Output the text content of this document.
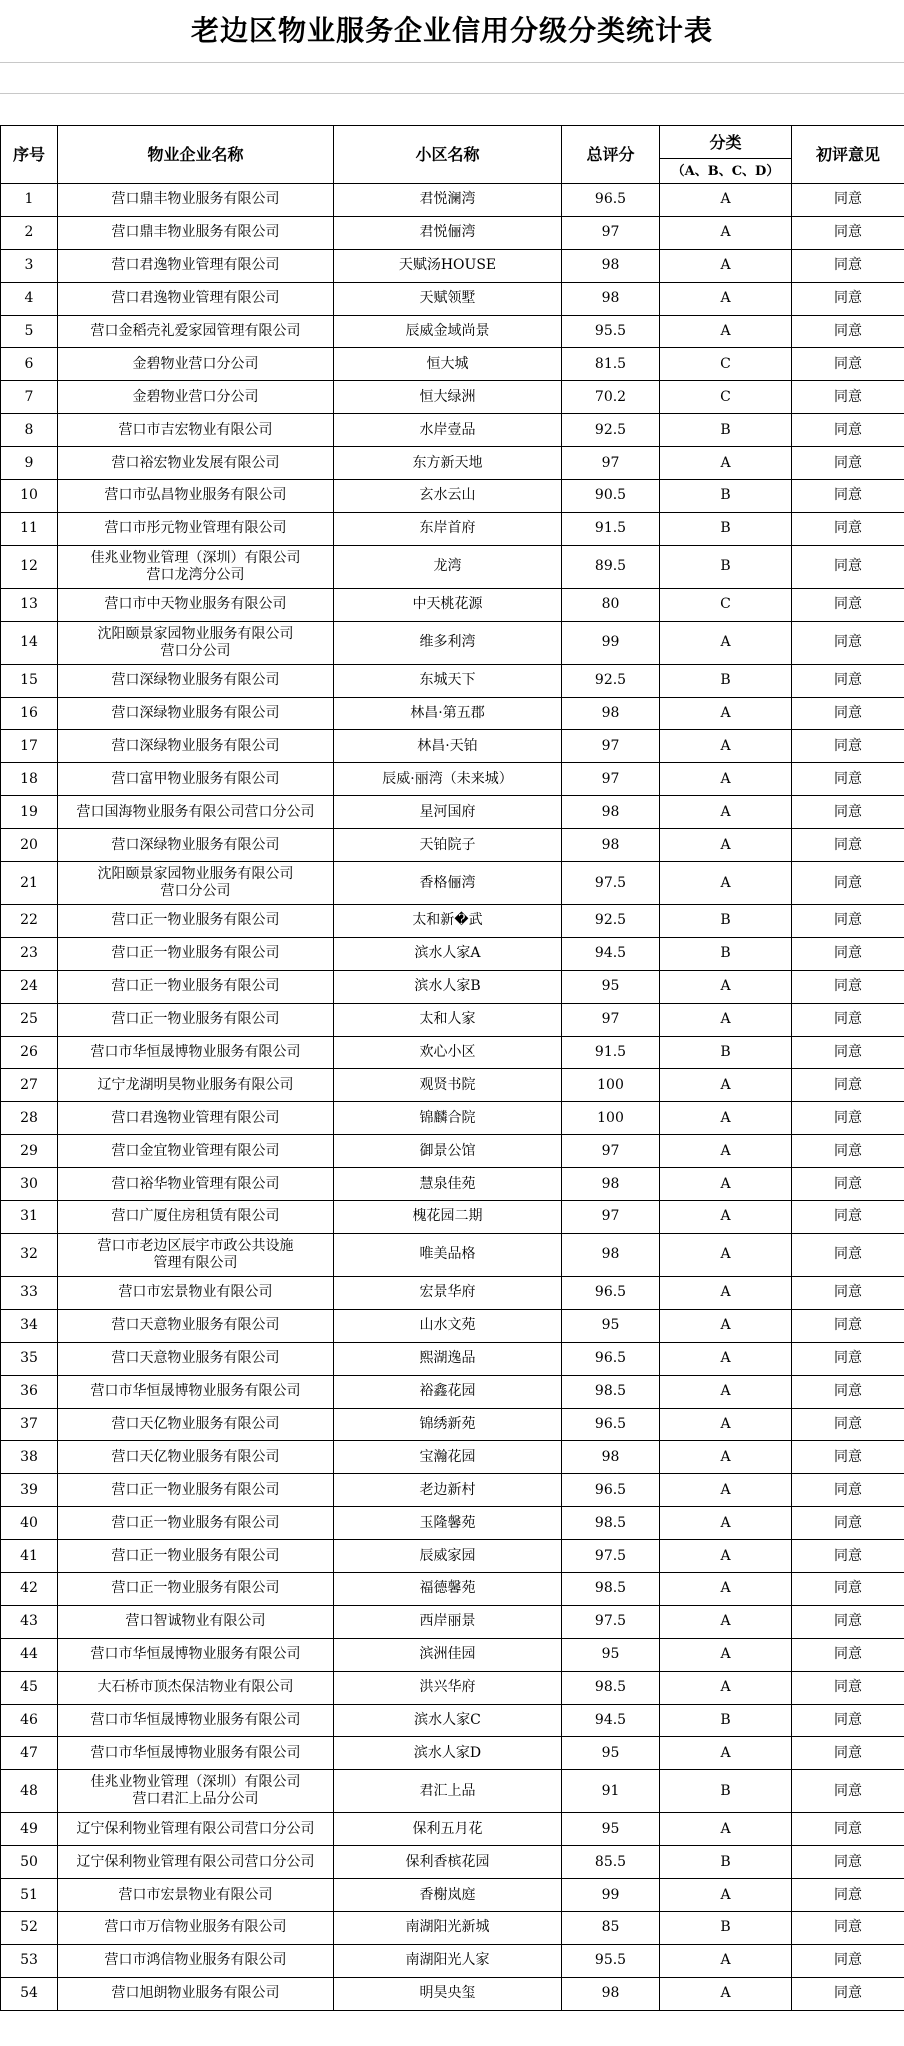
老边区物业服务企业信用分级分类统计表
序号	物业企业名称	小区名称	总评分	分类	初评意见
				（A、B、C、D）	
1	营口鼎丰物业服务有限公司	君悦澜湾	96.5	A	同意
2	营口鼎丰物业服务有限公司	君悦俪湾	97	A	同意
3	营口君逸物业管理有限公司	天赋汤HOUSE	98	A	同意
4	营口君逸物业管理有限公司	天赋领墅	98	A	同意
5	营口金稻壳礼爱家园管理有限公司	辰威金域尚景	95.5	A	同意
6	金碧物业营口分公司	恒大城	81.5	C	同意
7	金碧物业营口分公司	恒大绿洲	70.2	C	同意
8	营口市吉宏物业有限公司	水岸壹品	92.5	B	同意
9	营口裕宏物业发展有限公司	东方新天地	97	A	同意
10	营口市弘昌物业服务有限公司	玄水云山	90.5	B	同意
11	营口市彤元物业管理有限公司	东岸首府	91.5	B	同意
12	佳兆业物业管理（深圳）有限公司
营口龙湾分公司	龙湾	89.5	B	同意
13	营口市中天物业服务有限公司	中天桃花源	80	C	同意
14	沈阳颐景家园物业服务有限公司
营口分公司	维多利湾	99	A	同意
15	营口深绿物业服务有限公司	东城天下	92.5	B	同意
16	营口深绿物业服务有限公司	林昌·第五郡	98	A	同意
17	营口深绿物业服务有限公司	林昌·天铂	97	A	同意
18	营口富甲物业服务有限公司	辰威·丽湾（未来城）	97	A	同意
19	营口国海物业服务有限公司营口分公司	星河国府	98	A	同意
20	营口深绿物业服务有限公司	天铂院子	98	A	同意
21	沈阳颐景家园物业服务有限公司
营口分公司	香格俪湾	97.5	A	同意
22	营口正一物业服务有限公司	太和新�武	92.5	B	同意
23	营口正一物业服务有限公司	滨水人家A	94.5	B	同意
24	营口正一物业服务有限公司	滨水人家B	95	A	同意
25	营口正一物业服务有限公司	太和人家	97	A	同意
26	营口市华恒晟博物业服务有限公司	欢心小区	91.5	B	同意
27	辽宁龙湖明昊物业服务有限公司	观贤书院	100	A	同意
28	营口君逸物业管理有限公司	锦麟合院	100	A	同意
29	营口金宜物业管理有限公司	御景公馆	97	A	同意
30	营口裕华物业管理有限公司	慧泉佳苑	98	A	同意
31	营口广厦住房租赁有限公司	槐花园二期	97	A	同意
32	营口市老边区辰宇市政公共设施
管理有限公司	唯美品格	98	A	同意
33	营口市宏景物业有限公司	宏景华府	96.5	A	同意
34	营口天意物业服务有限公司	山水文苑	95	A	同意
35	营口天意物业服务有限公司	熙湖逸品	96.5	A	同意
36	营口市华恒晟博物业服务有限公司	裕鑫花园	98.5	A	同意
37	营口天亿物业服务有限公司	锦绣新苑	96.5	A	同意
38	营口天亿物业服务有限公司	宝瀚花园	98	A	同意
39	营口正一物业服务有限公司	老边新村	96.5	A	同意
40	营口正一物业服务有限公司	玉隆馨苑	98.5	A	同意
41	营口正一物业服务有限公司	辰威家园	97.5	A	同意
42	营口正一物业服务有限公司	福德馨苑	98.5	A	同意
43	营口智诚物业有限公司	西岸丽景	97.5	A	同意
44	营口市华恒晟博物业服务有限公司	滨洲佳园	95	A	同意
45	大石桥市顶杰保洁物业有限公司	洪兴华府	98.5	A	同意
46	营口市华恒晟博物业服务有限公司	滨水人家C	94.5	B	同意
47	营口市华恒晟博物业服务有限公司	滨水人家D	95	A	同意
48	佳兆业物业管理（深圳）有限公司
营口君汇上品分公司	君汇上品	91	B	同意
49	辽宁保利物业管理有限公司营口分公司	保利五月花	95	A	同意
50	辽宁保利物业管理有限公司营口分公司	保利香槟花园	85.5	B	同意
51	营口市宏景物业有限公司	香榭岚庭	99	A	同意
52	营口市万信物业服务有限公司	南湖阳光新城	85	B	同意
53	营口市鸿信物业服务有限公司	南湖阳光人家	95.5	A	同意
54	营口旭朗物业服务有限公司	明昊央玺	98	A	同意
